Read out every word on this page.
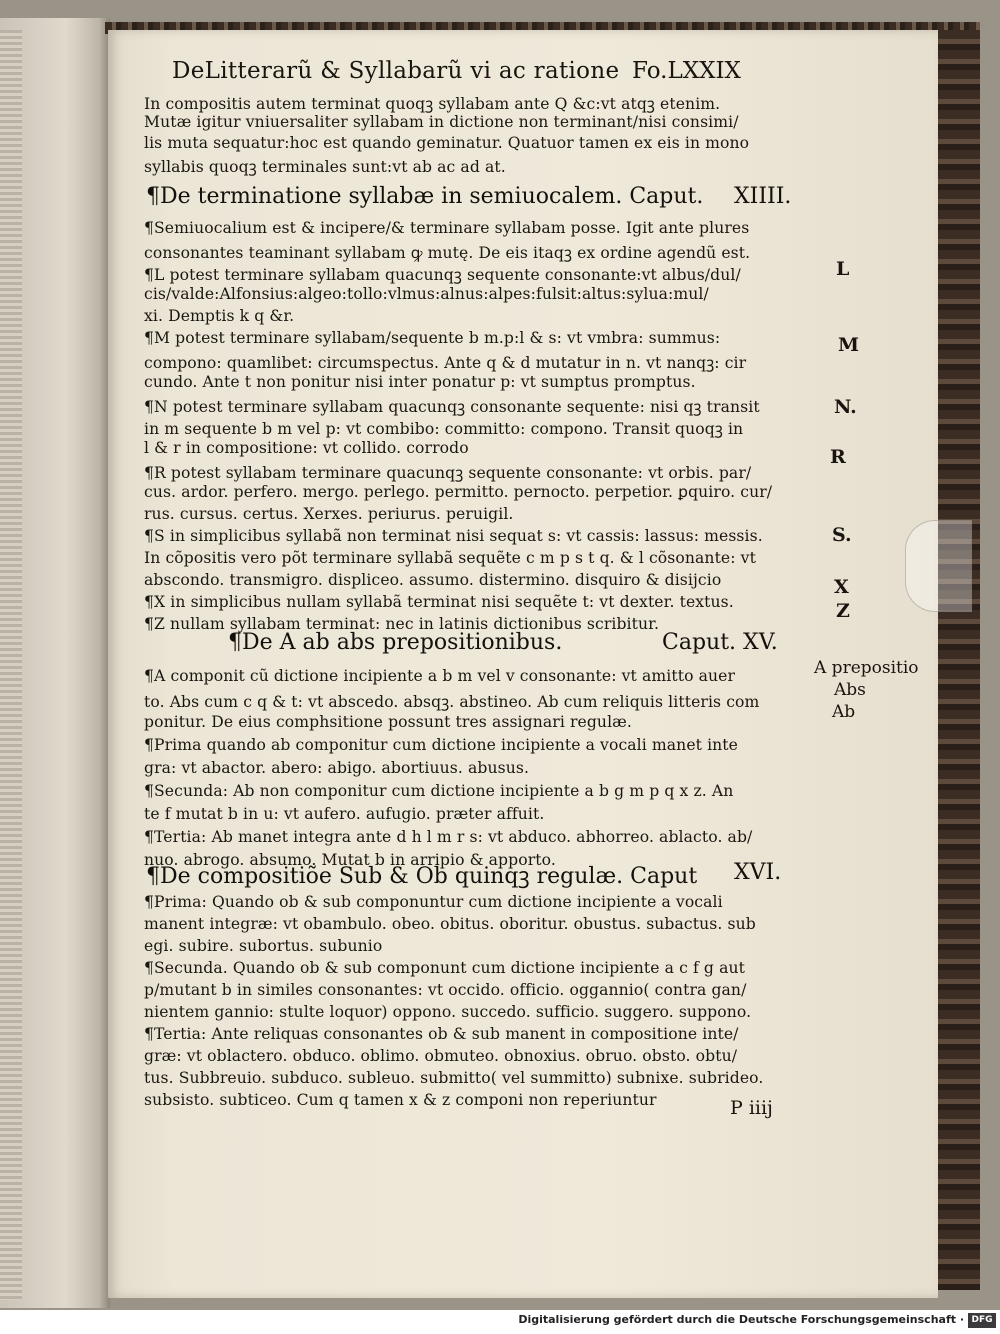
DeLitterarũ & Syllabarũ vi ac ratione Fo.LXXIX
In compositis autem terminat quoqꝫ syllabam ante Q &c:vt atqꝫ etenim.
Mutæ igitur vniuersaliter syllabam in dictione non terminant/nisi consimi/
lis muta sequatur:hoc est quando geminatur. Quatuor tamen ex eis in mono
syllabis quoqꝫ terminales sunt:vt ab ac ad at.
¶De terminatione syllabæ in semiuocalem. Caput. XIIII.
¶Semiuocalium est & incipere/& terminare syllabam posse. Igit ante plures
consonantes teaminant syllabam ꝙ mutę. De eis itaqꝫ ex ordine agendũ est.
¶L potest terminare syllabam quacunqꝫ sequente consonante:vt albus/dul/
cis/valde:Alfonsius:algeo:tollo:vlmus:alnus:alpes:fulsit:altus:sylua:mul/
xi. Demptis k q &r.
¶M potest terminare syllabam/sequente b m.p:l & s: vt vmbra: summus:
compono: quamlibet: circumspectus. Ante q & d mutatur in n. vt nanqꝫ: cir
cundo. Ante t non ponitur nisi inter ponatur p: vt sumptus promptus.
¶N potest terminare syllabam quacunqꝫ consonante sequente: nisi qꝫ transit
in m sequente b m vel p: vt combibo: committo: compono. Transit quoqꝫ in
l & r in compositione: vt collido. corrodo
¶R potest syllabam terminare quacunqꝫ sequente consonante: vt orbis. par/
cus. ardor. perfero. mergo. perlego. permitto. pernocto. perpetior. ꝑquiro. cur/
rus. cursus. certus. Xerxes. periurus. peruigil.
¶S in simplicibus syllabã non terminat nisi sequat s: vt cassis: lassus: messis.
In cõpositis vero põt terminare syllabã sequẽte c m p s t q. & l cõsonante: vt
abscondo. transmigro. displiceo. assumo. distermino. disquiro & disijcio
¶X in simplicibus nullam syllabã terminat nisi sequẽte t: vt dexter. textus.
¶Z nullam syllabam terminat: nec in latinis dictionibus scribitur.
¶De A ab abs prepositionibus.	Caput. XV.
¶A componit cũ dictione incipiente a b m vel v consonante: vt amitto auer
to. Abs cum c q & t: vt abscedo. absqꝫ. abstineo. Ab cum reliquis litteris com
ponitur. De eius comphsitione possunt tres assignari regulæ.
¶Prima quando ab componitur cum dictione incipiente a vocali manet inte
gra: vt abactor. abero: abigo. abortiuus. abusus.
¶Secunda: Ab non componitur cum dictione incipiente a b g m p q x z. An
te f mutat b in u: vt aufero. aufugio. præter affuit.
¶Tertia: Ab manet integra ante d h l m r s: vt abduco. abhorreo. ablacto. ab/
nuo. abrogo. absumo. Mutat b in arripio & apporto.
¶De compositiõe Sub & Ob quinqꝫ regulæ. Caput XVI.
¶Prima: Quando ob & sub componuntur cum dictione incipiente a vocali
manent integræ: vt obambulo. obeo. obitus. oboritur. obustus. subactus. sub
egi. subire. subortus. subunio
¶Secunda. Quando ob & sub componunt cum dictione incipiente a c f g aut
p/mutant b in similes consonantes: vt occido. officio. oggannio( contra gan/
nientem gannio: stulte loquor) oppono. succedo. sufficio. suggero. suppono.
¶Tertia: Ante reliquas consonantes ob & sub manent in compositione inte/
græ: vt oblactero. obduco. oblimo. obmuteo. obnoxius. obruo. obsto. obtu/
tus. Subbreuio. subduco. subleuo. submitto( vel summitto) subnixe. subrideo.
subsisto. subticeo. Cum q tamen x & z componi non reperiuntur
L
M
N.
R
S.
X
Z
A prepositio
Abs
Ab
P iiij
Digitalisierung gefördert durch die Deutsche Forschungsgemeinschaft · DFG
